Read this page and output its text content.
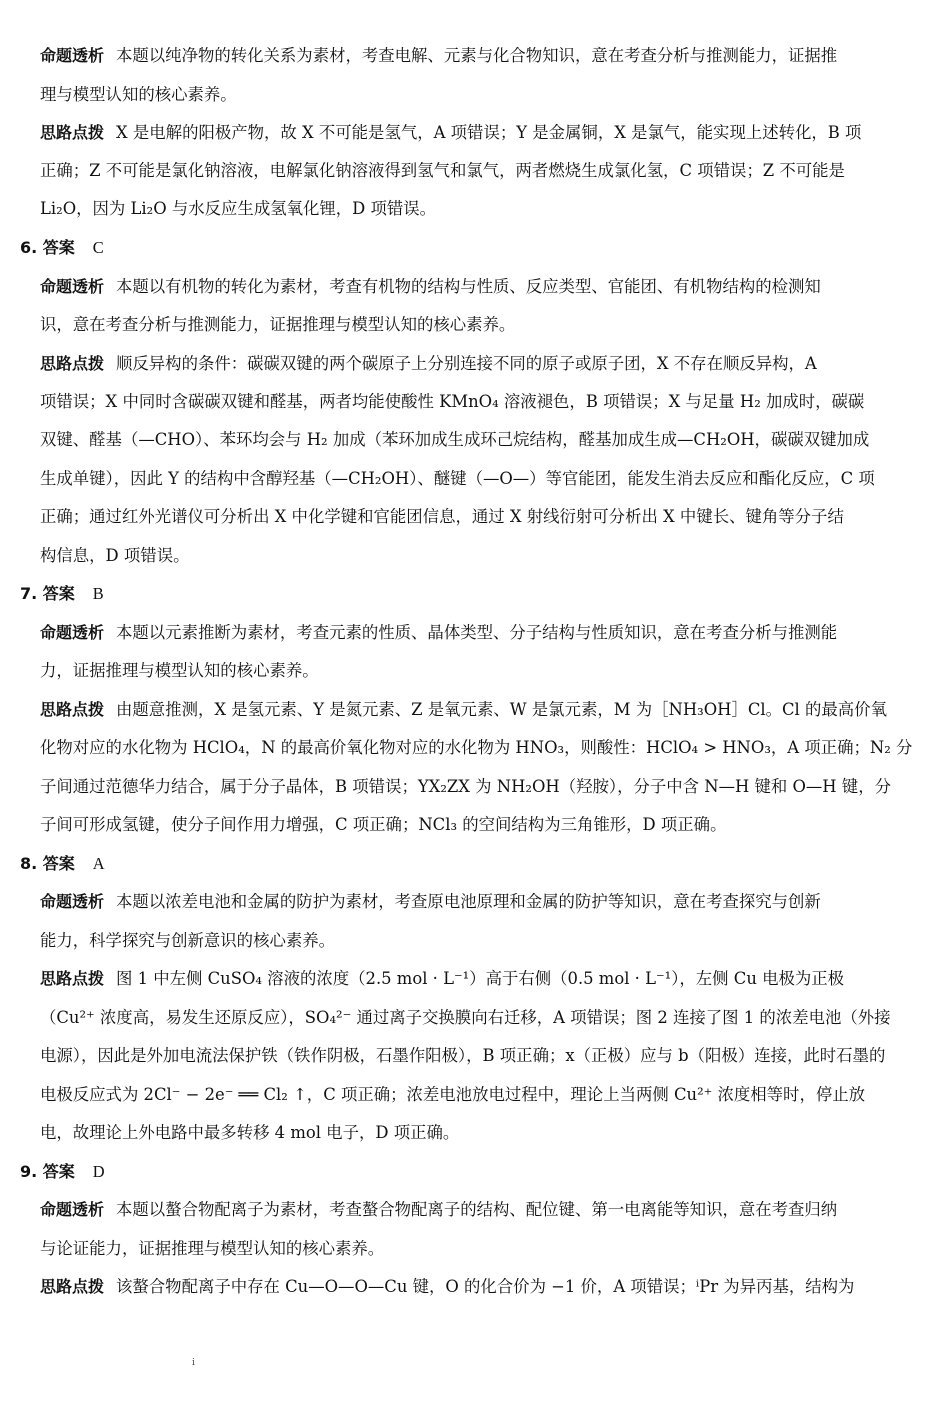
命题透析 本题以纯净物的转化关系为素材，考查电解、元素与化合物知识，意在考查分析与推测能力，证据推
理与模型认知的核心素养。
思路点拨 X 是电解的阳极产物，故 X 不可能是氢气，A 项错误；Y 是金属铜，X 是氯气，能实现上述转化，B 项
正确；Z 不可能是氯化钠溶液，电解氯化钠溶液得到氢气和氯气，两者燃烧生成氯化氢，C 项错误；Z 不可能是
Li₂O，因为 Li₂O 与水反应生成氢氧化锂，D 项错误。
6. 答案 C
命题透析 本题以有机物的转化为素材，考查有机物的结构与性质、反应类型、官能团、有机物结构的检测知
识，意在考查分析与推测能力，证据推理与模型认知的核心素养。
思路点拨 顺反异构的条件：碳碳双键的两个碳原子上分别连接不同的原子或原子团，X 不存在顺反异构，A
项错误；X 中同时含碳碳双键和醛基，两者均能使酸性 KMnO₄ 溶液褪色，B 项错误；X 与足量 H₂ 加成时，碳碳
双键、醛基（—CHO）、苯环均会与 H₂ 加成（苯环加成生成环己烷结构，醛基加成生成—CH₂OH，碳碳双键加成
生成单键），因此 Y 的结构中含醇羟基（—CH₂OH）、醚键（—O—）等官能团，能发生消去反应和酯化反应，C 项
正确；通过红外光谱仪可分析出 X 中化学键和官能团信息，通过 X 射线衍射可分析出 X 中键长、键角等分子结
构信息，D 项错误。
7. 答案 B
命题透析 本题以元素推断为素材，考查元素的性质、晶体类型、分子结构与性质知识，意在考查分析与推测能
力，证据推理与模型认知的核心素养。
思路点拨 由题意推测，X 是氢元素、Y 是氮元素、Z 是氧元素、W 是氯元素，M 为［NH₃OH］Cl。Cl 的最高价氧
化物对应的水化物为 HClO₄，N 的最高价氧化物对应的水化物为 HNO₃，则酸性：HClO₄ > HNO₃，A 项正确；N₂ 分
子间通过范德华力结合，属于分子晶体，B 项错误；YX₂ZX 为 NH₂OH（羟胺），分子中含 N—H 键和 O—H 键，分
子间可形成氢键，使分子间作用力增强，C 项正确；NCl₃ 的空间结构为三角锥形，D 项正确。
8. 答案 A
命题透析 本题以浓差电池和金属的防护为素材，考查原电池原理和金属的防护等知识，意在考查探究与创新
能力，科学探究与创新意识的核心素养。
思路点拨 图 1 中左侧 CuSO₄ 溶液的浓度（2.5 mol · L⁻¹）高于右侧（0.5 mol · L⁻¹），左侧 Cu 电极为正极
（Cu²⁺ 浓度高，易发生还原反应），SO₄²⁻ 通过离子交换膜向右迁移，A 项错误；图 2 连接了图 1 的浓差电池（外接
电源），因此是外加电流法保护铁（铁作阴极，石墨作阳极），B 项正确；x（正极）应与 b（阳极）连接，此时石墨的
电极反应式为 2Cl⁻ − 2e⁻ ══ Cl₂ ↑，C 项正确；浓差电池放电过程中，理论上当两侧 Cu²⁺ 浓度相等时，停止放
电，故理论上外电路中最多转移 4 mol 电子，D 项正确。
9. 答案 D
命题透析 本题以螯合物配离子为素材，考查螯合物配离子的结构、配位键、第一电离能等知识，意在考查归纳
与论证能力，证据推理与模型认知的核心素养。
思路点拨 该螯合物配离子中存在 Cu—O—O—Cu 键，O 的化合价为 −1 价，A 项错误；ⁱPr 为异丙基，结构为
i
